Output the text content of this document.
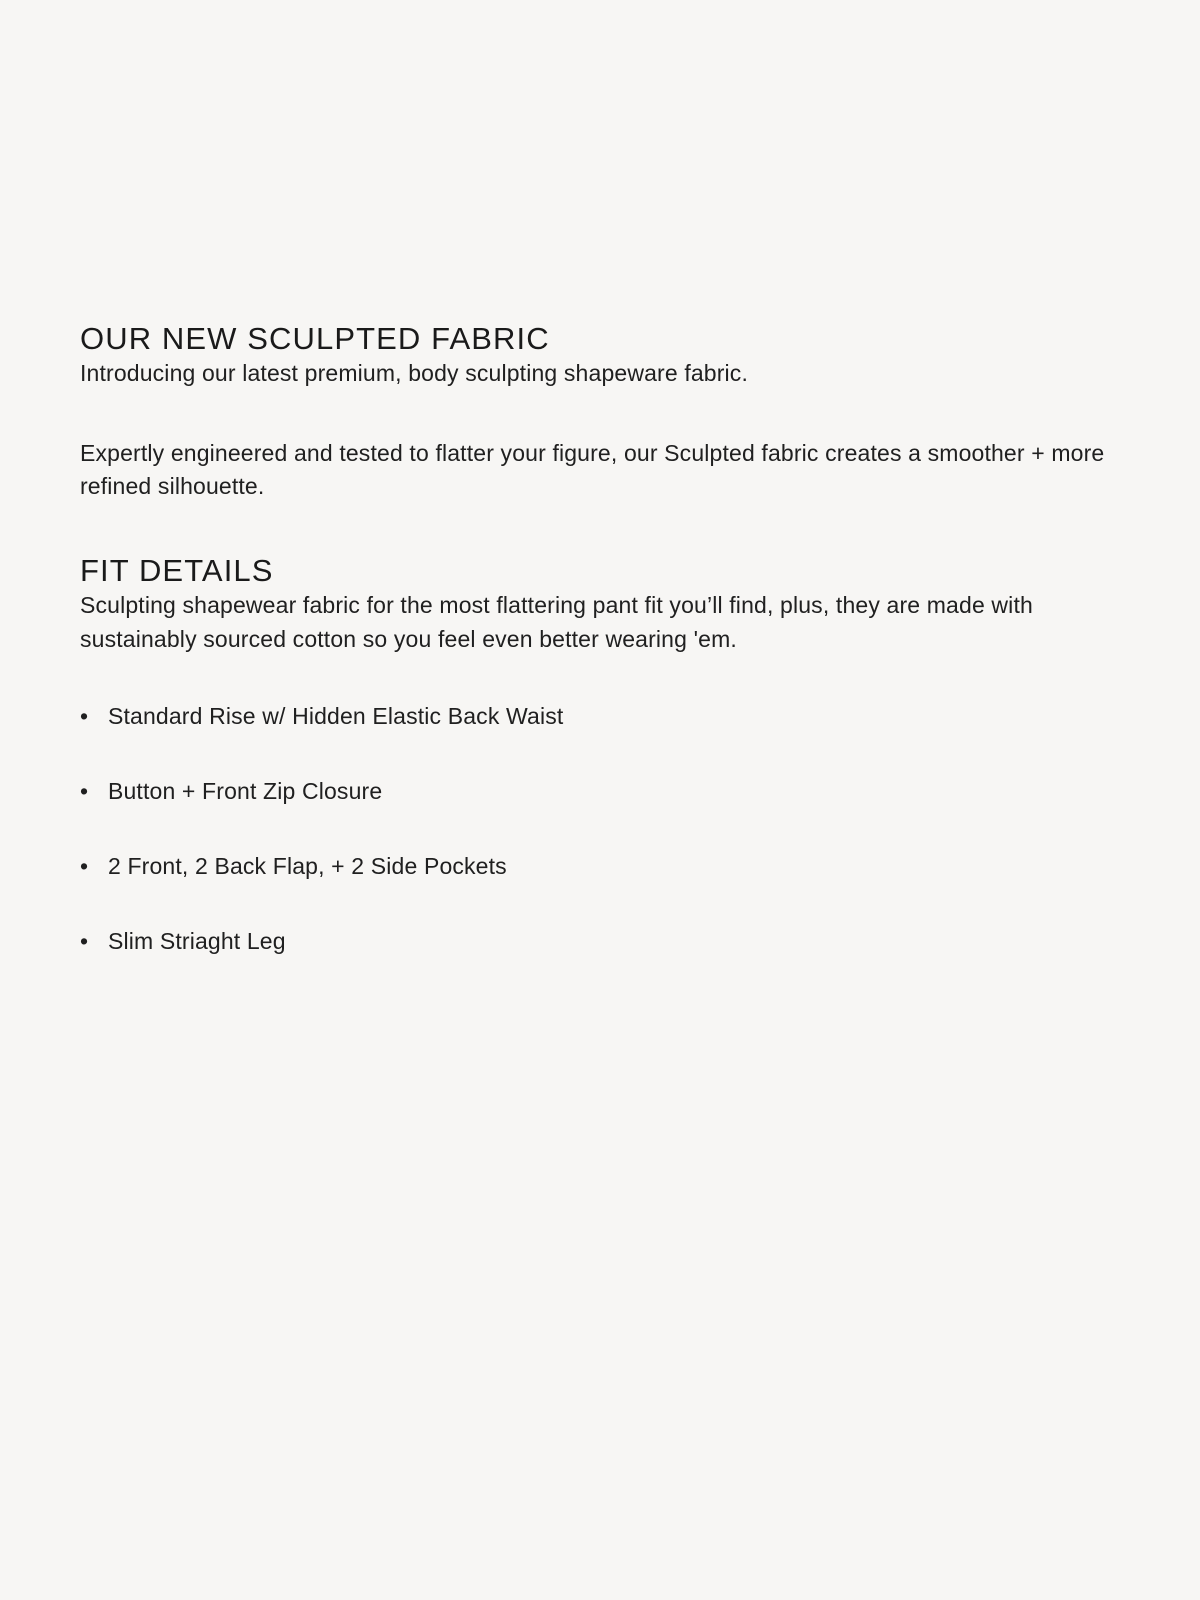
OUR NEW SCULPTED FABRIC

Introducing our latest premium, body sculpting shapeware fabric.

Expertly engineered and tested to flatter your figure, our Sculpted fabric creates a smoother + more refined silhouette.

FIT DETAILS

Sculpting shapewear fabric for the most flattering pant fit you’ll find, plus, they are made with sustainably sourced cotton so you feel even better wearing 'em.

• Standard Rise w/ Hidden Elastic Back Waist
• Button + Front Zip Closure
• 2 Front, 2 Back Flap, + 2 Side Pockets
• Slim Striaght Leg
